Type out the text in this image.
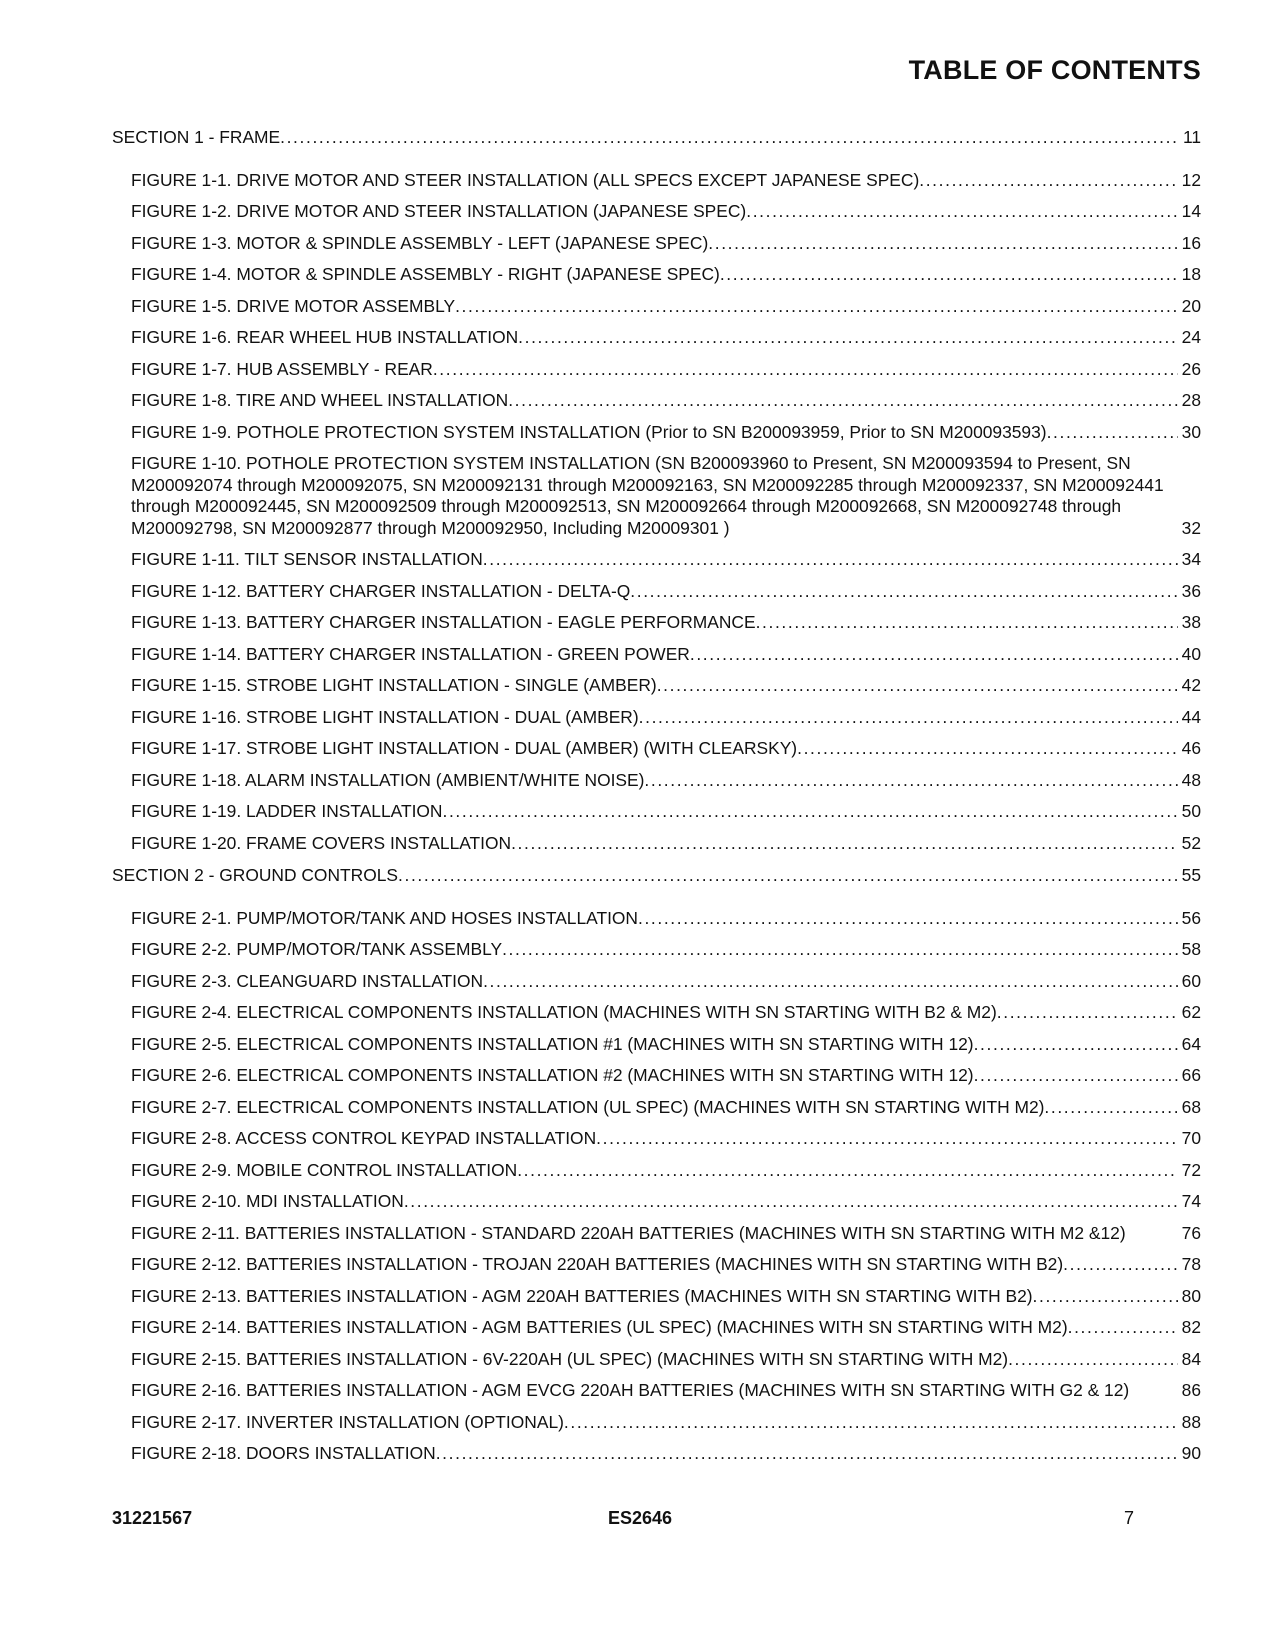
TABLE OF CONTENTS
SECTION 1 - FRAME . . .	11
FIGURE 1-1. DRIVE MOTOR AND STEER INSTALLATION (ALL SPECS EXCEPT JAPANESE SPEC) . . .	12
FIGURE 1-2. DRIVE MOTOR AND STEER INSTALLATION (JAPANESE SPEC) . . .	14
FIGURE 1-3. MOTOR & SPINDLE ASSEMBLY - LEFT (JAPANESE SPEC) . . .	16
FIGURE 1-4. MOTOR & SPINDLE ASSEMBLY - RIGHT (JAPANESE SPEC) . . .	18
FIGURE 1-5. DRIVE MOTOR ASSEMBLY . . .	20
FIGURE 1-6. REAR WHEEL HUB INSTALLATION . . .	24
FIGURE 1-7. HUB ASSEMBLY - REAR . . .	26
FIGURE 1-8. TIRE AND WHEEL INSTALLATION . . .	28
FIGURE 1-9. POTHOLE PROTECTION SYSTEM INSTALLATION (Prior to SN B200093959, Prior to SN M200093593) . . .	30
FIGURE 1-10. POTHOLE PROTECTION SYSTEM INSTALLATION (SN B200093960 to Present, SN M200093594 to Present, SN M200092074 through M200092075, SN M200092131 through M200092163, SN M200092285 through M200092337, SN M200092441 through M200092445, SN M200092509 through M200092513, SN M200092664 through M200092668, SN M200092748 through M200092798, SN M200092877 through M200092950, Including M20009301 )	32
FIGURE 1-11. TILT SENSOR INSTALLATION . . .	34
FIGURE 1-12. BATTERY CHARGER INSTALLATION - DELTA-Q . . .	36
FIGURE 1-13. BATTERY CHARGER INSTALLATION - EAGLE PERFORMANCE . . .	38
FIGURE 1-14. BATTERY CHARGER INSTALLATION - GREEN POWER . . .	40
FIGURE 1-15. STROBE LIGHT INSTALLATION - SINGLE (AMBER) . . .	42
FIGURE 1-16. STROBE LIGHT INSTALLATION - DUAL (AMBER) . . .	44
FIGURE 1-17. STROBE LIGHT INSTALLATION - DUAL (AMBER) (WITH CLEARSKY) . . .	46
FIGURE 1-18. ALARM INSTALLATION (AMBIENT/WHITE NOISE) . . .	48
FIGURE 1-19. LADDER INSTALLATION . . .	50
FIGURE 1-20. FRAME COVERS INSTALLATION . . .	52
SECTION 2 - GROUND CONTROLS . . .	55
FIGURE 2-1. PUMP/MOTOR/TANK AND HOSES INSTALLATION . . .	56
FIGURE 2-2. PUMP/MOTOR/TANK ASSEMBLY . . .	58
FIGURE 2-3. CLEANGUARD INSTALLATION . . .	60
FIGURE 2-4. ELECTRICAL COMPONENTS INSTALLATION (MACHINES WITH SN STARTING WITH B2 & M2) . . .	62
FIGURE 2-5. ELECTRICAL COMPONENTS INSTALLATION #1 (MACHINES WITH SN STARTING WITH 12) . . .	64
FIGURE 2-6. ELECTRICAL COMPONENTS INSTALLATION #2 (MACHINES WITH SN STARTING WITH 12) . . .	66
FIGURE 2-7. ELECTRICAL COMPONENTS INSTALLATION (UL SPEC) (MACHINES WITH SN STARTING WITH M2) . . .	68
FIGURE 2-8. ACCESS CONTROL KEYPAD INSTALLATION . . .	70
FIGURE 2-9. MOBILE CONTROL INSTALLATION . . .	72
FIGURE 2-10. MDI INSTALLATION . . .	74
FIGURE 2-11. BATTERIES INSTALLATION - STANDARD 220AH BATTERIES (MACHINES WITH SN STARTING WITH M2 &12)	76
FIGURE 2-12. BATTERIES INSTALLATION - TROJAN 220AH BATTERIES (MACHINES WITH SN STARTING WITH B2) . . .	78
FIGURE 2-13. BATTERIES INSTALLATION - AGM 220AH BATTERIES (MACHINES WITH SN STARTING WITH B2) . . .	80
FIGURE 2-14. BATTERIES INSTALLATION - AGM BATTERIES (UL SPEC) (MACHINES WITH SN STARTING WITH M2) . . .	82
FIGURE 2-15. BATTERIES INSTALLATION - 6V-220AH (UL SPEC) (MACHINES WITH SN STARTING WITH M2) . . .	84
FIGURE 2-16. BATTERIES INSTALLATION - AGM EVCG 220AH BATTERIES (MACHINES WITH SN STARTING WITH G2 & 12)	86
FIGURE 2-17. INVERTER INSTALLATION (OPTIONAL) . . .	88
FIGURE 2-18. DOORS INSTALLATION . . .	90
31221567	ES2646	7
